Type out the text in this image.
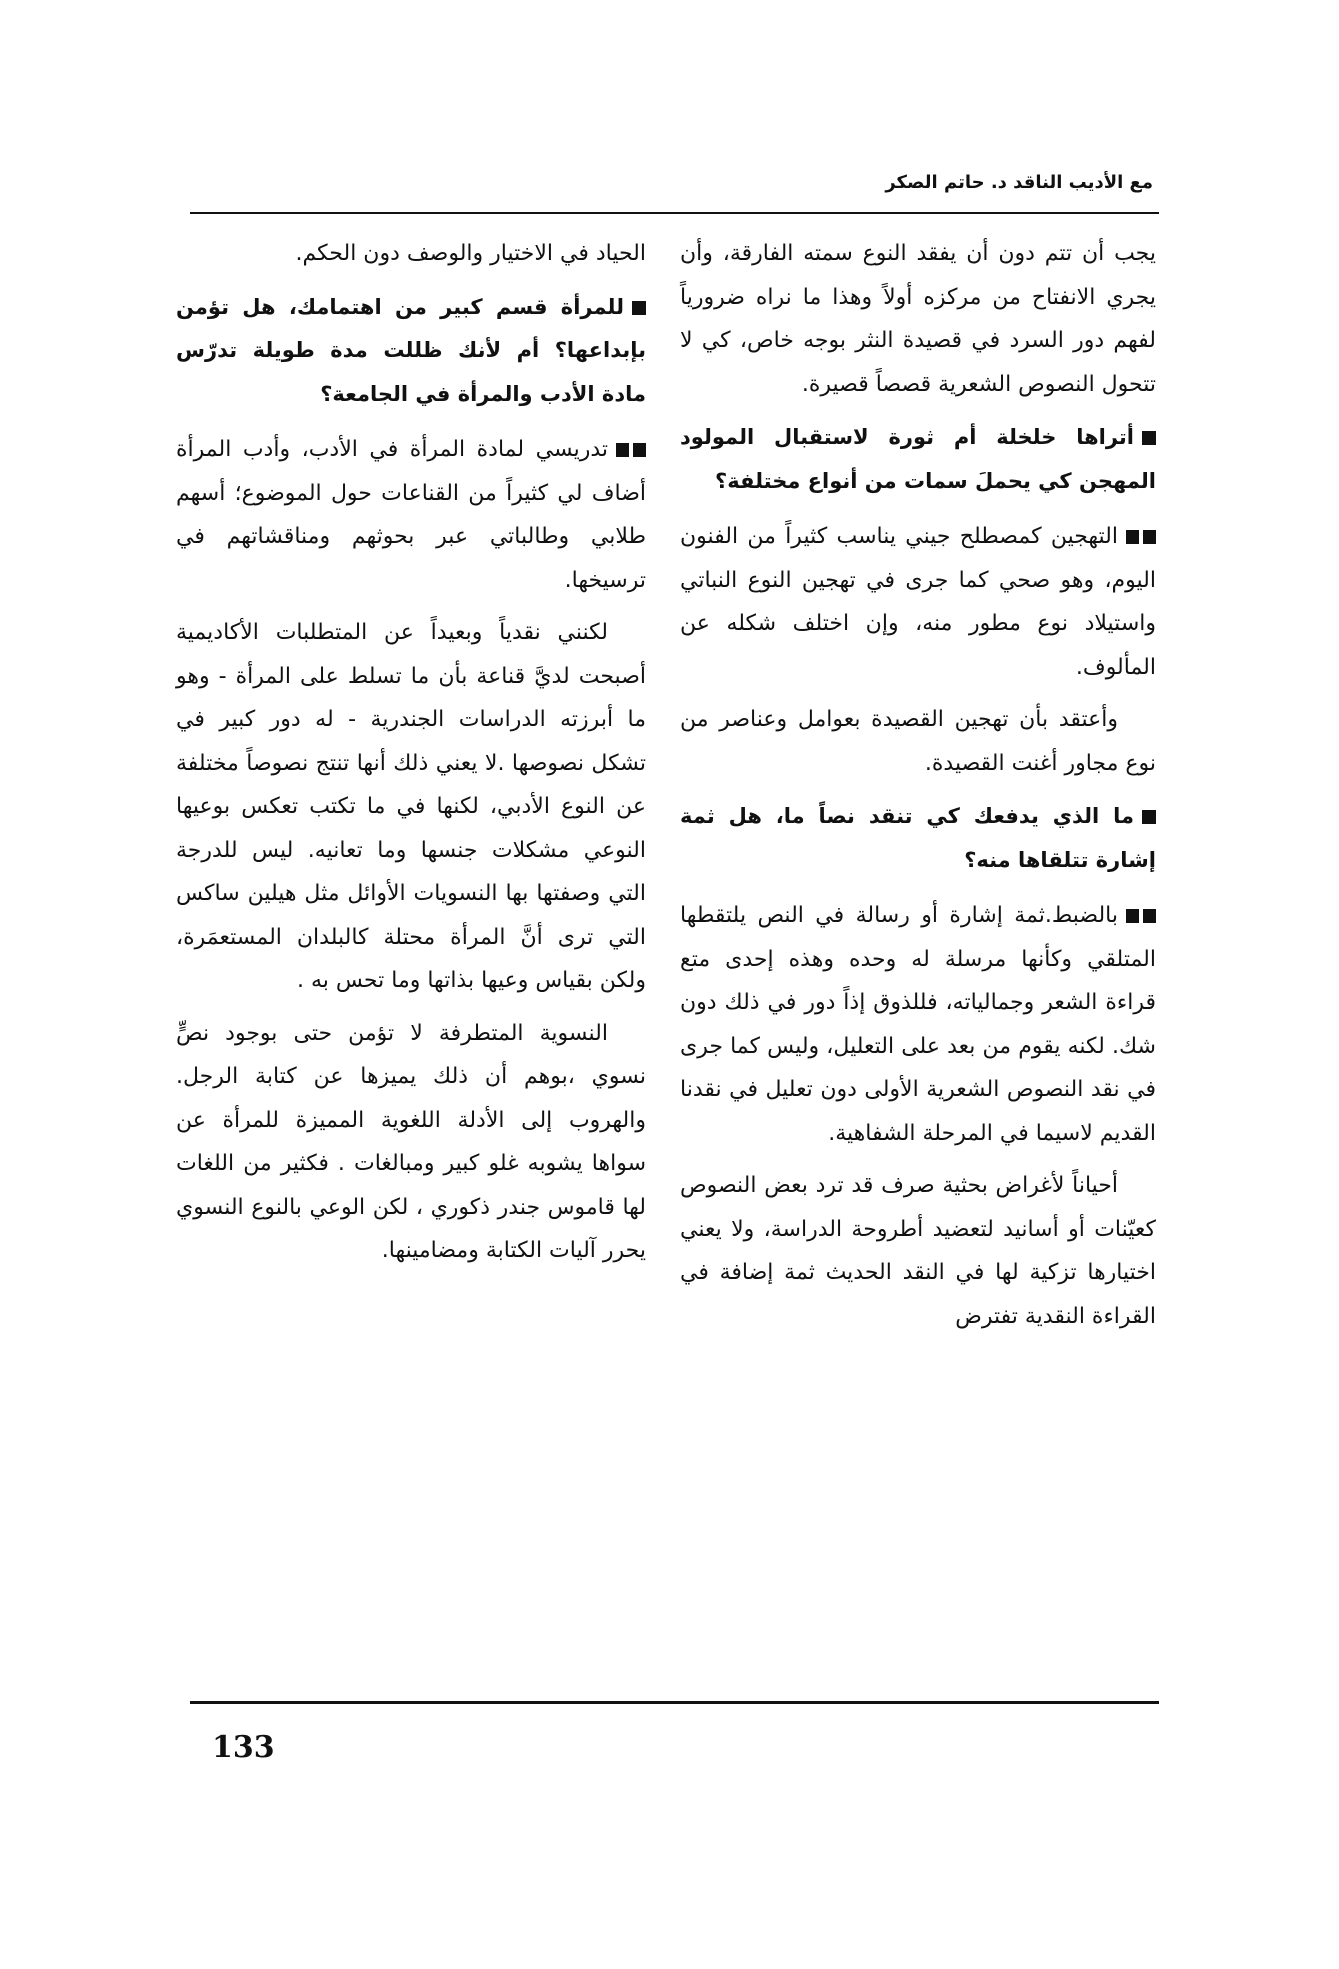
مع الأديب الناقد د. حاتم الصكر

يجب أن تتم دون أن يفقد النوع سمته الفارقة، وأن يجري الانفتاح من مركزه أولاً وهذا ما نراه ضرورياً لفهم دور السرد في قصيدة النثر بوجه خاص، كي لا تتحول النصوص الشعرية قصصاً قصيرة.

أتراها خلخلة أم ثورة لاستقبال المولود المهجن كي يحملَ سمات من أنواع مختلفة؟

التهجين كمصطلح جيني يناسب كثيراً من الفنون اليوم، وهو صحي كما جرى في تهجين النوع النباتي واستيلاد نوع مطور منه، وإن اختلف شكله عن المألوف.

وأعتقد بأن تهجين القصيدة بعوامل وعناصر من نوع مجاور أغنت القصيدة.

ما الذي يدفعك كي تنقد نصاً ما، هل ثمة إشارة تتلقاها منه؟

بالضبط.ثمة إشارة أو رسالة في النص يلتقطها المتلقي وكأنها مرسلة له وحده وهذه إحدى متع قراءة الشعر وجمالياته، فللذوق إذاً دور في ذلك دون شك. لكنه يقوم من بعد على التعليل، وليس كما جرى في نقد النصوص الشعرية الأولى دون تعليل في نقدنا القديم لاسيما في المرحلة الشفاهية.

أحياناً لأغراض بحثية صرف قد ترد بعض النصوص كعيّنات أو أسانيد لتعضيد أطروحة الدراسة، ولا يعني اختيارها تزكية لها في النقد الحديث ثمة إضافة في القراءة النقدية تفترض

الحياد في الاختيار والوصف دون الحكم.

للمرأة قسم كبير من اهتمامك، هل تؤمن بإبداعها؟ أم لأنك ظللت مدة طويلة تدرّس مادة الأدب والمرأة في الجامعة؟

تدريسي لمادة المرأة في الأدب، وأدب المرأة أضاف لي كثيراً من القناعات حول الموضوع؛ أسهم طلابي وطالباتي عبر بحوثهم ومناقشاتهم في ترسيخها.

لكنني نقدياً وبعيداً عن المتطلبات الأكاديمية أصبحت لديَّ قناعة بأن ما تسلط على المرأة - وهو ما أبرزته الدراسات الجندرية - له دور كبير في تشكل نصوصها .لا يعني ذلك أنها تنتج نصوصاً مختلفة عن النوع الأدبي، لكنها في ما تكتب تعكس بوعيها النوعي مشكلات جنسها وما تعانيه. ليس للدرجة التي وصفتها بها النسويات الأوائل مثل هيلين ساكس التي ترى أنَّ المرأة محتلة كالبلدان المستعمَرة، ولكن بقياس وعيها بذاتها وما تحس به .

النسوية المتطرفة لا تؤمن حتى بوجود نصٍّ نسوي ،بوهم أن ذلك يميزها عن كتابة الرجل. والهروب إلى الأدلة اللغوية المميزة للمرأة عن سواها يشوبه غلو كبير ومبالغات . فكثير من اللغات لها قاموس جندر ذكوري ، لكن الوعي بالنوع النسوي يحرر آليات الكتابة ومضامينها.

133
